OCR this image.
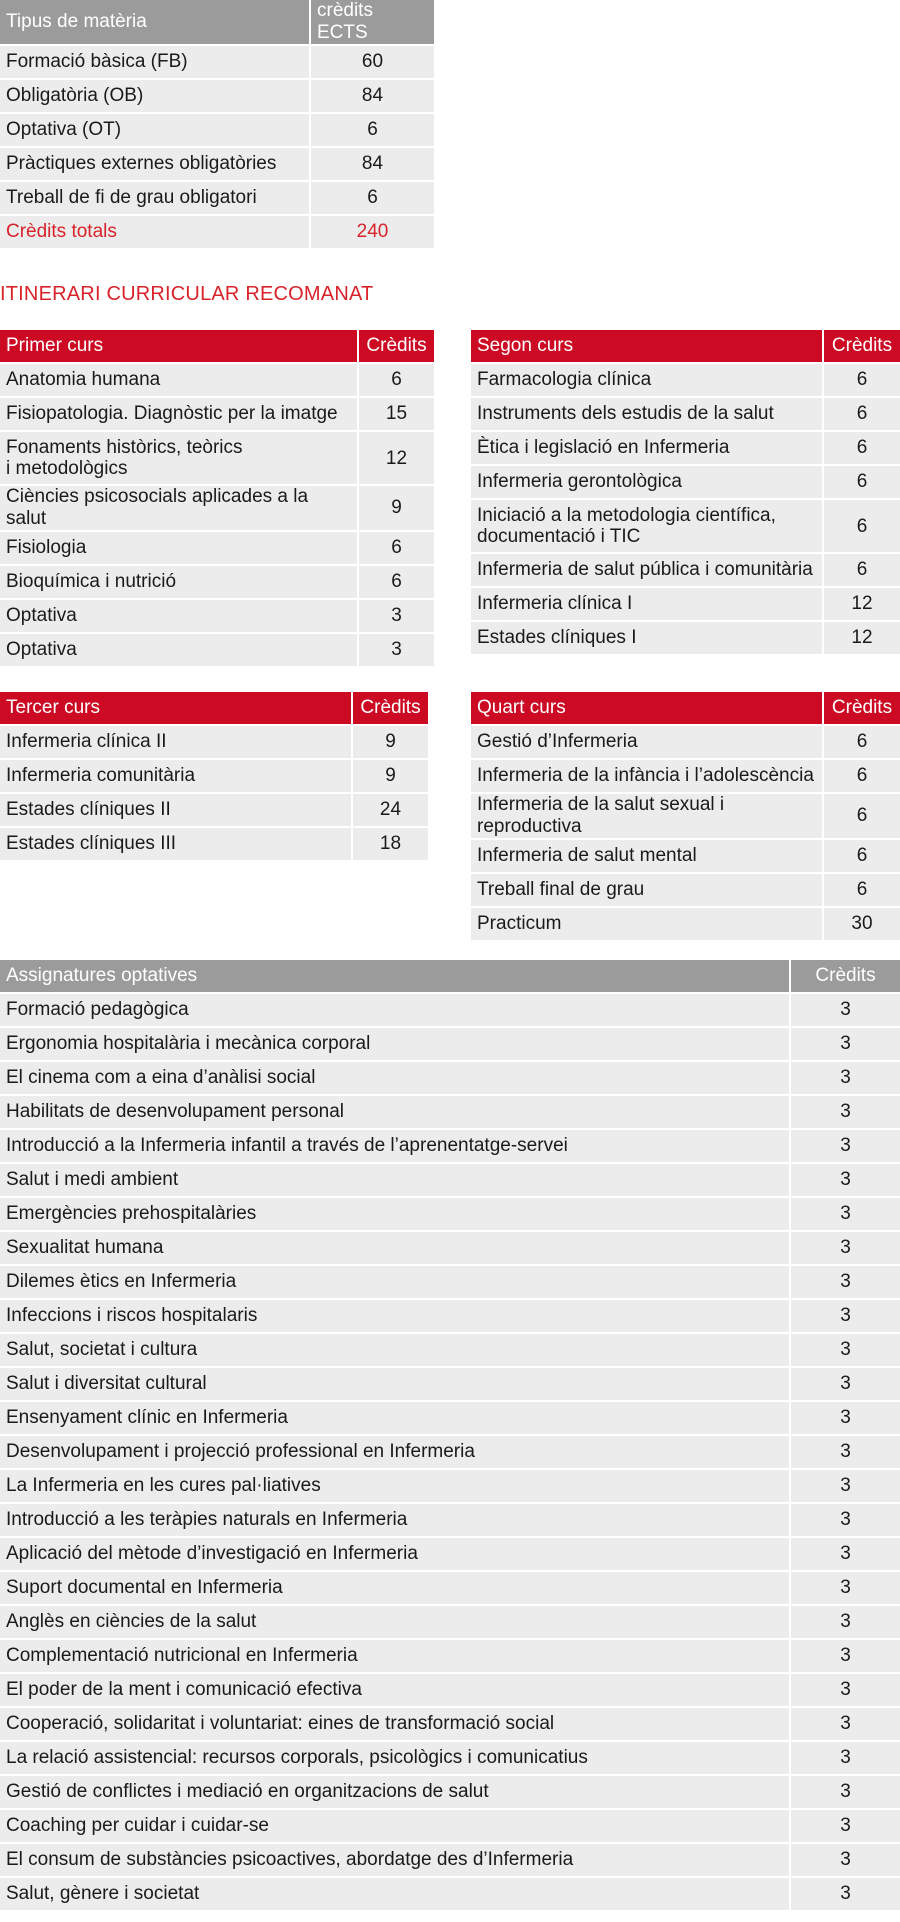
Tipus de matèria	crèdits ECTS
Formació bàsica (FB)	60
Obligatòria (OB)	84
Optativa (OT)	6
Pràctiques externes obligatòries	84
Treball de fi de grau obligatori	6
Crèdits totals	240
ITINERARI CURRICULAR RECOMANAT
Primer curs	Crèdits
Anatomia humana	6
Fisiopatologia. Diagnòstic per la imatge	15
Fonaments històrics, teòrics
i metodològics	12
Ciències psicosocials aplicades a la salut	9
Fisiologia	6
Bioquímica i nutrició	6
Optativa	3
Optativa	3
Segon curs	Crèdits
Farmacologia clínica	6
Instruments dels estudis de la salut	6
Ètica i legislació en Infermeria	6
Infermeria gerontològica	6
Iniciació a la metodologia científica,
documentació i TIC	6
Infermeria de salut pública i comunitària	6
Infermeria clínica I	12
Estades clíniques I	12
Tercer curs	Crèdits
Infermeria clínica II	9
Infermeria comunitària	9
Estades clíniques II	24
Estades clíniques III	18
Quart curs	Crèdits
Gestió d’Infermeria	6
Infermeria de la infància i l’adolescència	6
Infermeria de la salut sexual i reproductiva	6
Infermeria de salut mental	6
Treball final de grau	6
Practicum	30
Assignatures optatives	Crèdits
Formació pedagògica	3
Ergonomia hospitalària i mecànica corporal	3
El cinema com a eina d’anàlisi social	3
Habilitats de desenvolupament personal	3
Introducció a la Infermeria infantil a través de l’aprenentatge-servei	3
Salut i medi ambient	3
Emergències prehospitalàries	3
Sexualitat humana	3
Dilemes ètics en Infermeria	3
Infeccions i riscos hospitalaris	3
Salut, societat i cultura	3
Salut i diversitat cultural	3
Ensenyament clínic en Infermeria	3
Desenvolupament i projecció professional en Infermeria	3
La Infermeria en les cures pal·liatives	3
Introducció a les teràpies naturals en Infermeria	3
Aplicació del mètode d’investigació en Infermeria	3
Suport documental en Infermeria	3
Anglès en ciències de la salut	3
Complementació nutricional en Infermeria	3
El poder de la ment i comunicació efectiva	3
Cooperació, solidaritat i voluntariat: eines de transformació social	3
La relació assistencial: recursos corporals, psicològics i comunicatius	3
Gestió de conflictes i mediació en organitzacions de salut	3
Coaching per cuidar i cuidar-se	3
El consum de substàncies psicoactives, abordatge des d’Infermeria	3
Salut, gènere i societat	3
